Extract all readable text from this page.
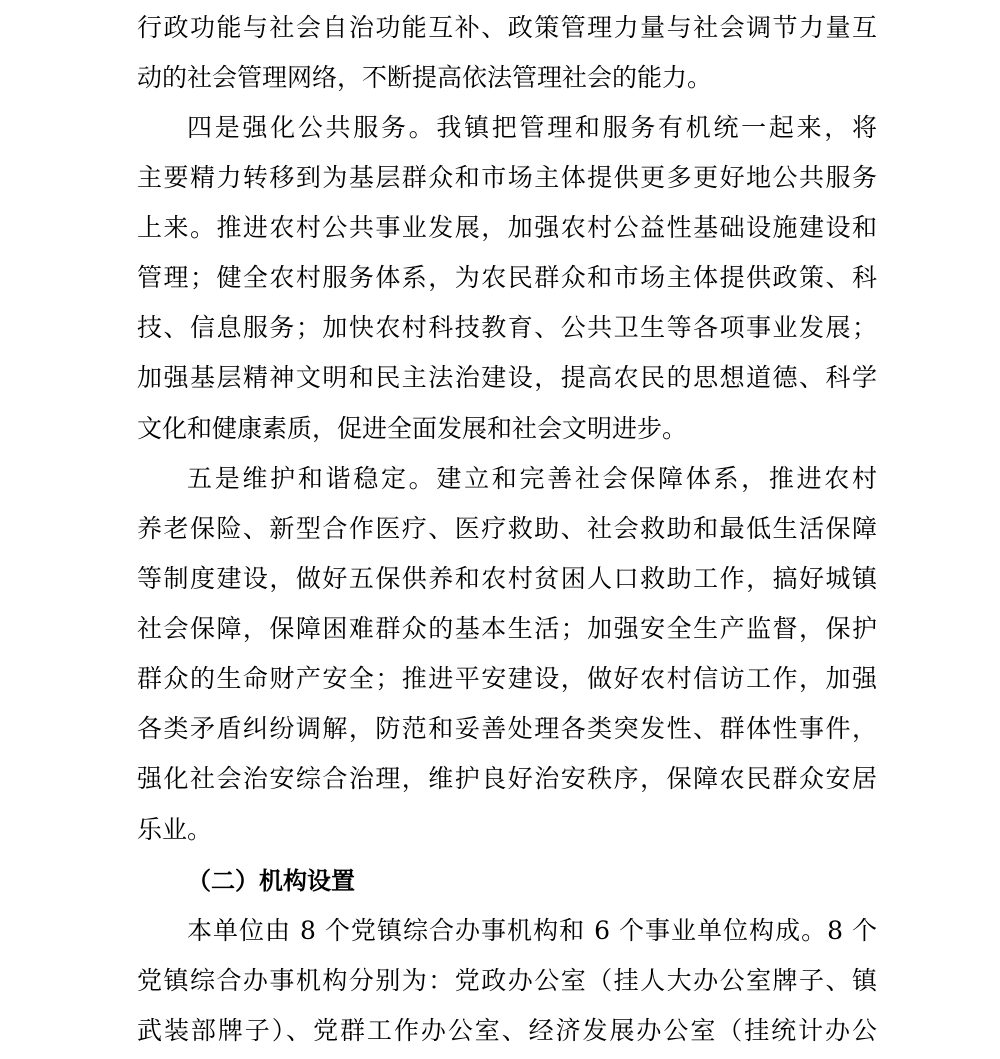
行政功能与社会自治功能互补、政策管理力量与社会调节力量互
动的社会管理网络，不断提高依法管理社会的能力。
四是强化公共服务。我镇把管理和服务有机统一起来，将
主要精力转移到为基层群众和市场主体提供更多更好地公共服务
上来。推进农村公共事业发展，加强农村公益性基础设施建设和
管理；健全农村服务体系，为农民群众和市场主体提供政策、科
技、信息服务；加快农村科技教育、公共卫生等各项事业发展；
加强基层精神文明和民主法治建设，提高农民的思想道德、科学
文化和健康素质，促进全面发展和社会文明进步。
五是维护和谐稳定。建立和完善社会保障体系，推进农村
养老保险、新型合作医疗、医疗救助、社会救助和最低生活保障
等制度建设，做好五保供养和农村贫困人口救助工作，搞好城镇
社会保障，保障困难群众的基本生活；加强安全生产监督，保护
群众的生命财产安全；推进平安建设，做好农村信访工作，加强
各类矛盾纠纷调解，防范和妥善处理各类突发性、群体性事件，
强化社会治安综合治理，维护良好治安秩序，保障农民群众安居
乐业。
（二）机构设置
本单位由 8 个党镇综合办事机构和 6 个事业单位构成。8 个
党镇综合办事机构分别为：党政办公室（挂人大办公室牌子、镇
武装部牌子）、党群工作办公室、经济发展办公室（挂统计办公
